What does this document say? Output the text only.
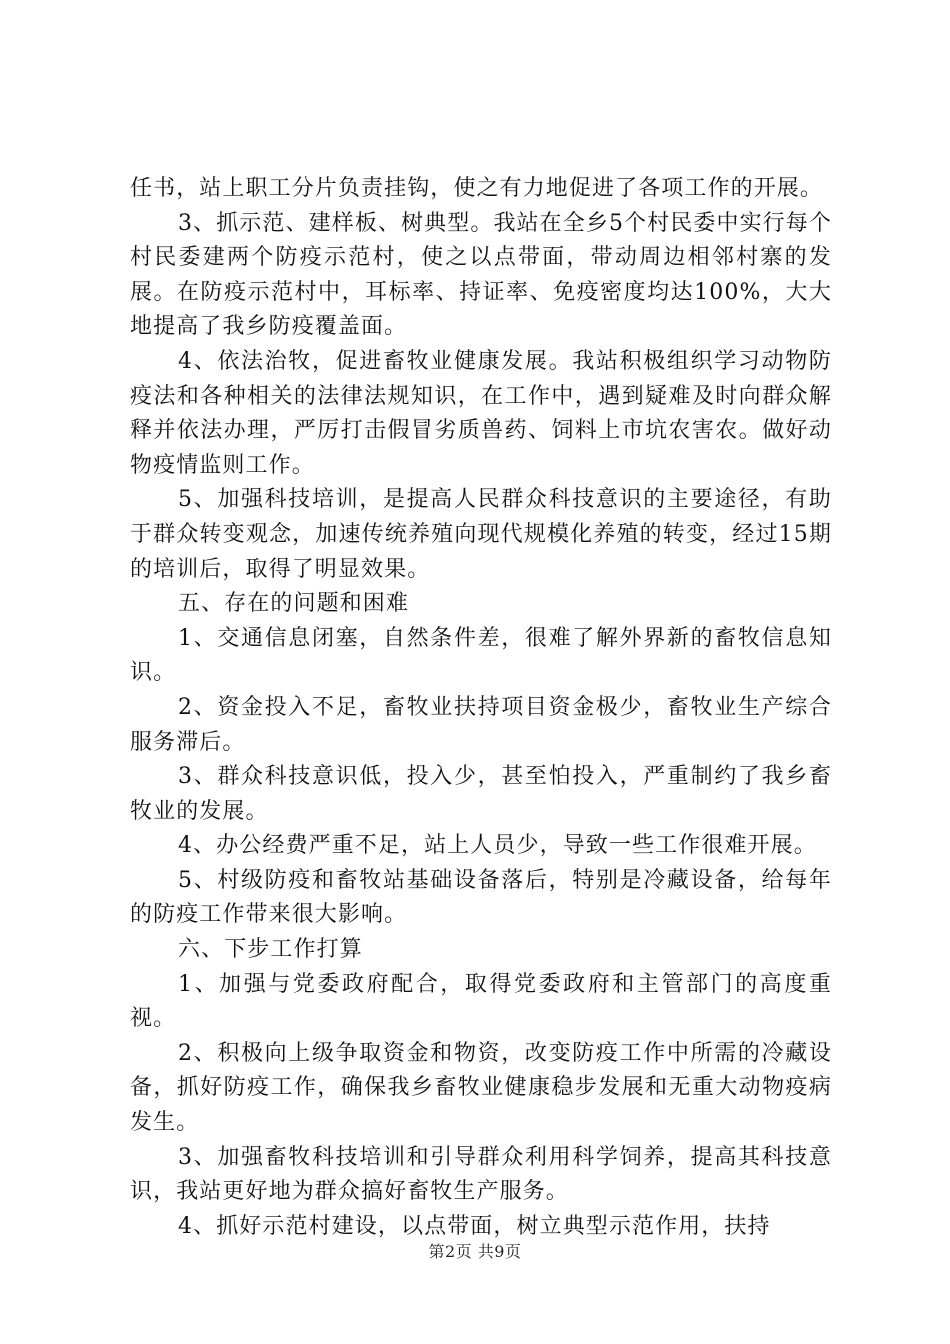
任书，站上职工分片负责挂钩，使之有力地促进了各项工作的开展。

3、抓示范、建样板、树典型。我站在全乡5个村民委中实行每个村民委建两个防疫示范村，使之以点带面，带动周边相邻村寨的发展。在防疫示范村中，耳标率、持证率、免疫密度均达100%，大大地提高了我乡防疫覆盖面。

4、依法治牧，促进畜牧业健康发展。我站积极组织学习动物防疫法和各种相关的法律法规知识，在工作中，遇到疑难及时向群众解释并依法办理，严厉打击假冒劣质兽药、饲料上市坑农害农。做好动物疫情监则工作。

5、加强科技培训，是提高人民群众科技意识的主要途径，有助于群众转变观念，加速传统养殖向现代规模化养殖的转变，经过15期的培训后，取得了明显效果。

五、存在的问题和困难

1、交通信息闭塞，自然条件差，很难了解外界新的畜牧信息知识。

2、资金投入不足，畜牧业扶持项目资金极少，畜牧业生产综合服务滞后。

3、群众科技意识低，投入少，甚至怕投入，严重制约了我乡畜牧业的发展。

4、办公经费严重不足，站上人员少，导致一些工作很难开展。

5、村级防疫和畜牧站基础设备落后，特别是冷藏设备，给每年的防疫工作带来很大影响。

六、下步工作打算

1、加强与党委政府配合，取得党委政府和主管部门的高度重视。

2、积极向上级争取资金和物资，改变防疫工作中所需的冷藏设备，抓好防疫工作，确保我乡畜牧业健康稳步发展和无重大动物疫病发生。

3、加强畜牧科技培训和引导群众利用科学饲养，提高其科技意识，我站更好地为群众搞好畜牧生产服务。

4、抓好示范村建设，以点带面，树立典型示范作用，扶持

第2页 共9页
